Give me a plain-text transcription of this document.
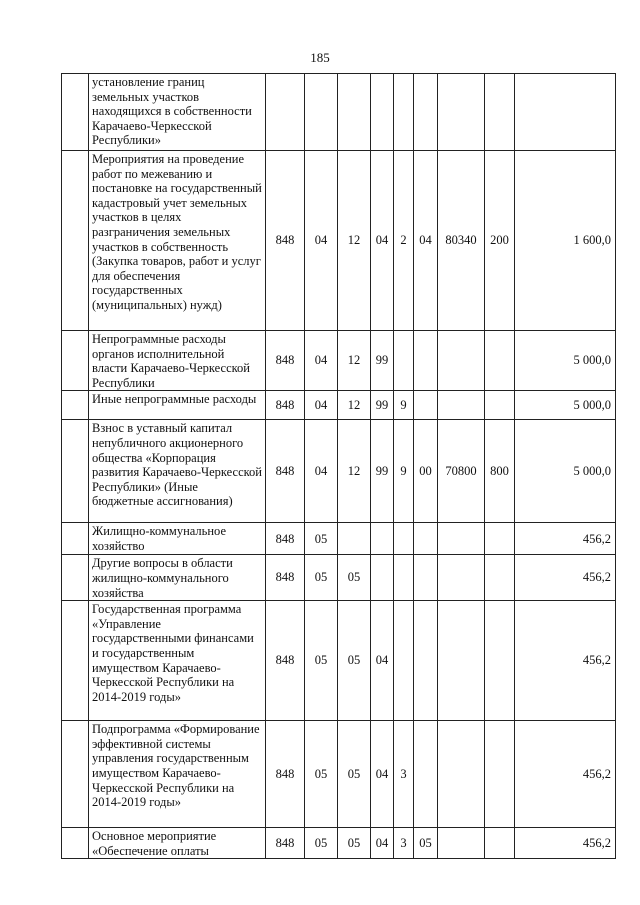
185
	установление границ земельных участков находящихся в собственности Карачаево-Черкесской Республики»									
	Мероприятия на проведение работ по межеванию и постановке на государственный кадастровый учет земельных участков в целях разграничения земельных участков в собственность (Закупка товаров, работ и услуг для обеспечения государственных (муниципальных) нужд)	848	04	12	04	2	04	80340	200	1 600,0
	Непрограммные расходы органов исполнительной власти Карачаево-Черкесской Республики	848	04	12	99					5 000,0
	Иные непрограммные расходы	848	04	12	99	9				5 000,0
	Взнос в уставный капитал непубличного акционерного общества «Корпорация развития Карачаево-Черкесской Республики» (Иные бюджетные ассигнования)	848	04	12	99	9	00	70800	800	5 000,0
	Жилищно-коммунальное хозяйство	848	05							456,2
	Другие вопросы в области жилищно-коммунального хозяйства	848	05	05						456,2
	Государственная программа «Управление государственными финансами и государственным имуществом Карачаево-Черкесской Республики на 2014-2019 годы»	848	05	05	04					456,2
	Подпрограмма «Формирование эффективной системы управления государственным имуществом Карачаево-Черкесской Республики на 2014-2019 годы»	848	05	05	04	3				456,2
	Основное мероприятие «Обеспечение оплаты	848	05	05	04	3	05			456,2
